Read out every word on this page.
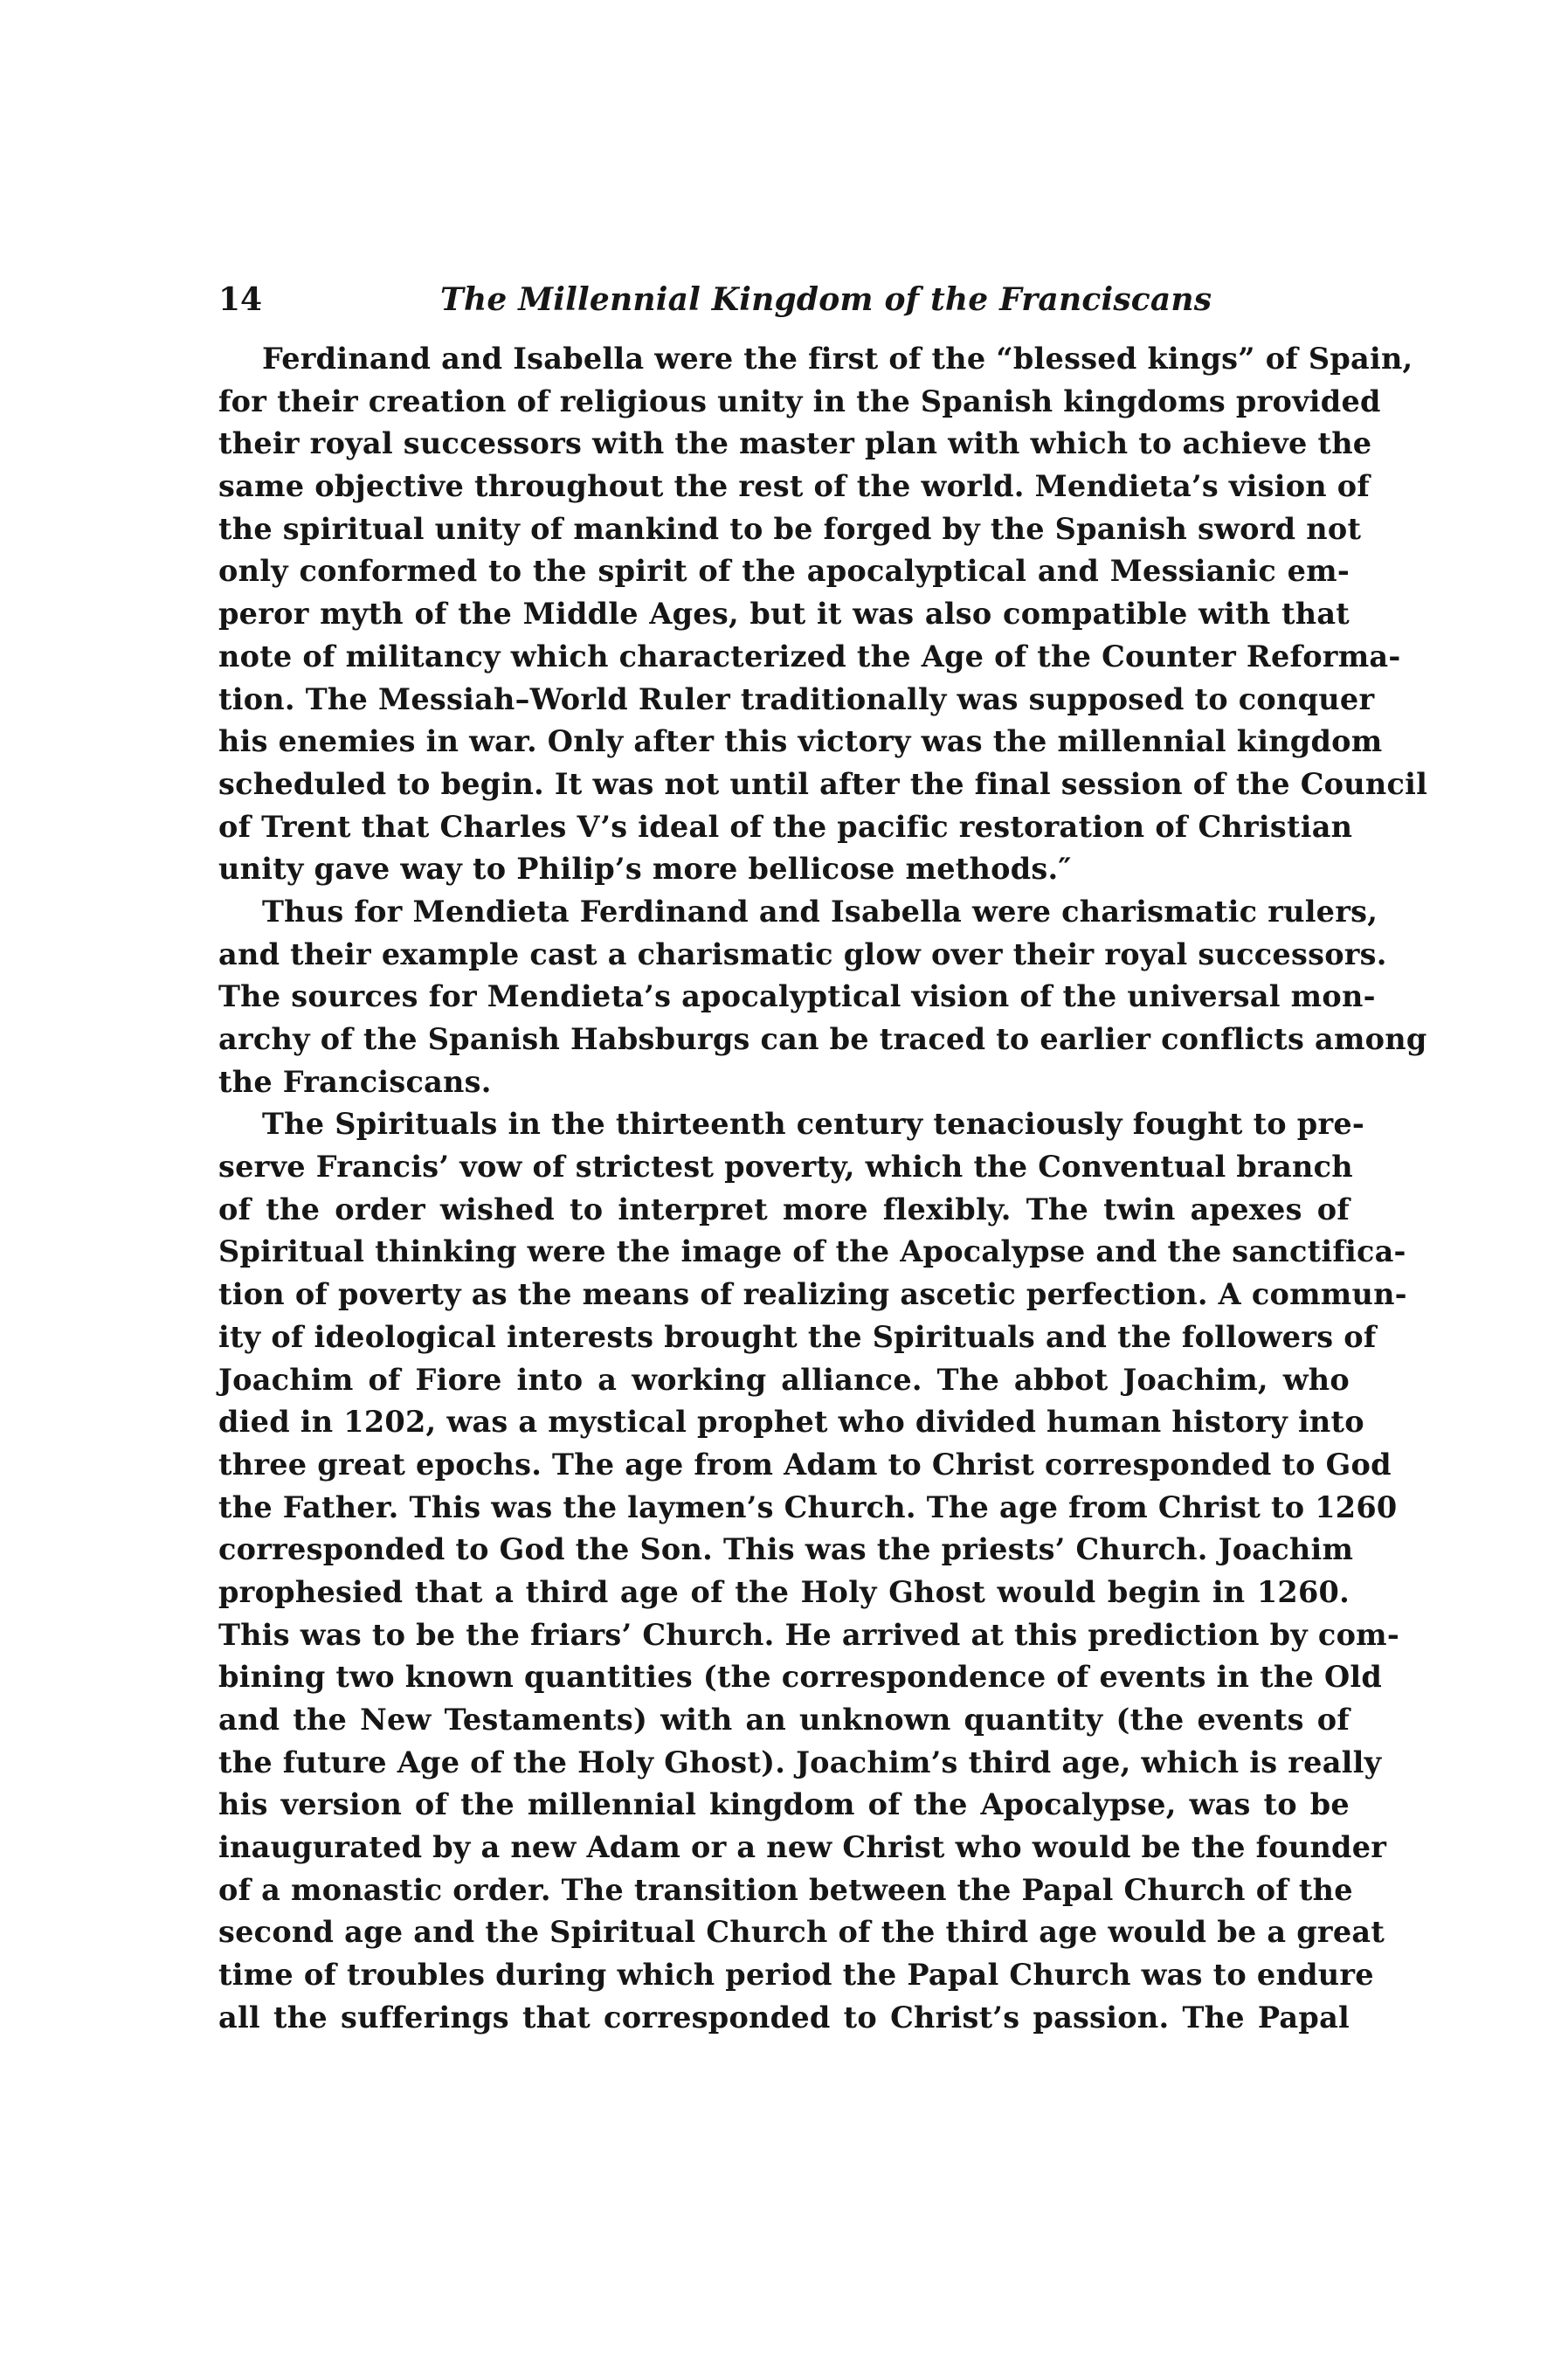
14	The Millennial Kingdom of the Franciscans
Ferdinand and Isabella were the first of the “blessed kings” of Spain,
for their creation of religious unity in the Spanish kingdoms provided
their royal successors with the master plan with which to achieve the
same objective throughout the rest of the world. Mendieta’s vision of
the spiritual unity of mankind to be forged by the Spanish sword not
only conformed to the spirit of the apocalyptical and Messianic em-
peror myth of the Middle Ages, but it was also compatible with that
note of militancy which characterized the Age of the Counter Reforma-
tion. The Messiah–World Ruler traditionally was supposed to conquer
his enemies in war. Only after this victory was the millennial kingdom
scheduled to begin. It was not until after the final session of the Council
of Trent that Charles V’s ideal of the pacific restoration of Christian
unity gave way to Philip’s more bellicose methods.″
Thus for Mendieta Ferdinand and Isabella were charismatic rulers,
and their example cast a charismatic glow over their royal successors.
The sources for Mendieta’s apocalyptical vision of the universal mon-
archy of the Spanish Habsburgs can be traced to earlier conflicts among
the Franciscans.
The Spirituals in the thirteenth century tenaciously fought to pre-
serve Francis’ vow of strictest poverty, which the Conventual branch
of the order wished to interpret more flexibly. The twin apexes of
Spiritual thinking were the image of the Apocalypse and the sanctifica-
tion of poverty as the means of realizing ascetic perfection. A commun-
ity of ideological interests brought the Spirituals and the followers of
Joachim of Fiore into a working alliance. The abbot Joachim, who
died in 1202, was a mystical prophet who divided human history into
three great epochs. The age from Adam to Christ corresponded to God
the Father. This was the laymen’s Church. The age from Christ to 1260
corresponded to God the Son. This was the priests’ Church. Joachim
prophesied that a third age of the Holy Ghost would begin in 1260.
This was to be the friars’ Church. He arrived at this prediction by com-
bining two known quantities (the correspondence of events in the Old
and the New Testaments) with an unknown quantity (the events of
the future Age of the Holy Ghost). Joachim’s third age, which is really
his version of the millennial kingdom of the Apocalypse, was to be
inaugurated by a new Adam or a new Christ who would be the founder
of a monastic order. The transition between the Papal Church of the
second age and the Spiritual Church of the third age would be a great
time of troubles during which period the Papal Church was to endure
all the sufferings that corresponded to Christ’s passion. The Papal
